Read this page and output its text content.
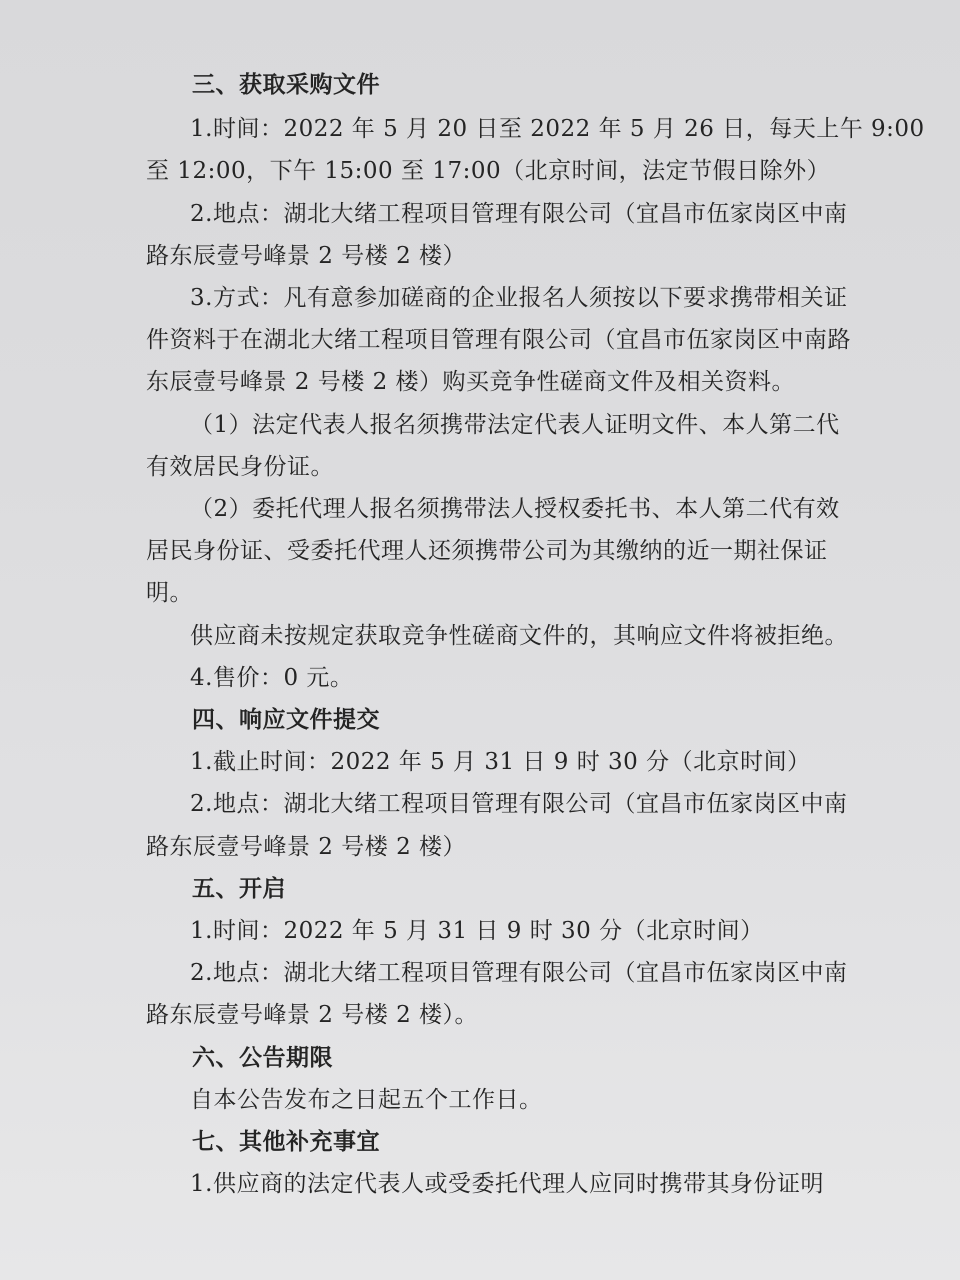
三、获取采购文件
1.时间：2022 年 5 月 20 日至 2022 年 5 月 26 日，每天上午 9:00
至 12:00，下午 15:00 至 17:00（北京时间，法定节假日除外）
2.地点：湖北大绪工程项目管理有限公司（宜昌市伍家岗区中南
路东辰壹号峰景 2 号楼 2 楼）
3.方式：凡有意参加磋商的企业报名人须按以下要求携带相关证
件资料于在湖北大绪工程项目管理有限公司（宜昌市伍家岗区中南路
东辰壹号峰景 2 号楼 2 楼）购买竞争性磋商文件及相关资料。
（1）法定代表人报名须携带法定代表人证明文件、本人第二代
有效居民身份证。
（2）委托代理人报名须携带法人授权委托书、本人第二代有效
居民身份证、受委托代理人还须携带公司为其缴纳的近一期社保证
明。
供应商未按规定获取竞争性磋商文件的，其响应文件将被拒绝。
4.售价：0 元。
四、响应文件提交
1.截止时间：2022 年 5 月 31 日 9 时 30 分（北京时间）
2.地点：湖北大绪工程项目管理有限公司（宜昌市伍家岗区中南
路东辰壹号峰景 2 号楼 2 楼）
五、开启
1.时间：2022 年 5 月 31 日 9 时 30 分（北京时间）
2.地点：湖北大绪工程项目管理有限公司（宜昌市伍家岗区中南
路东辰壹号峰景 2 号楼 2 楼）。
六、公告期限
自本公告发布之日起五个工作日。
七、其他补充事宜
1.供应商的法定代表人或受委托代理人应同时携带其身份证明
